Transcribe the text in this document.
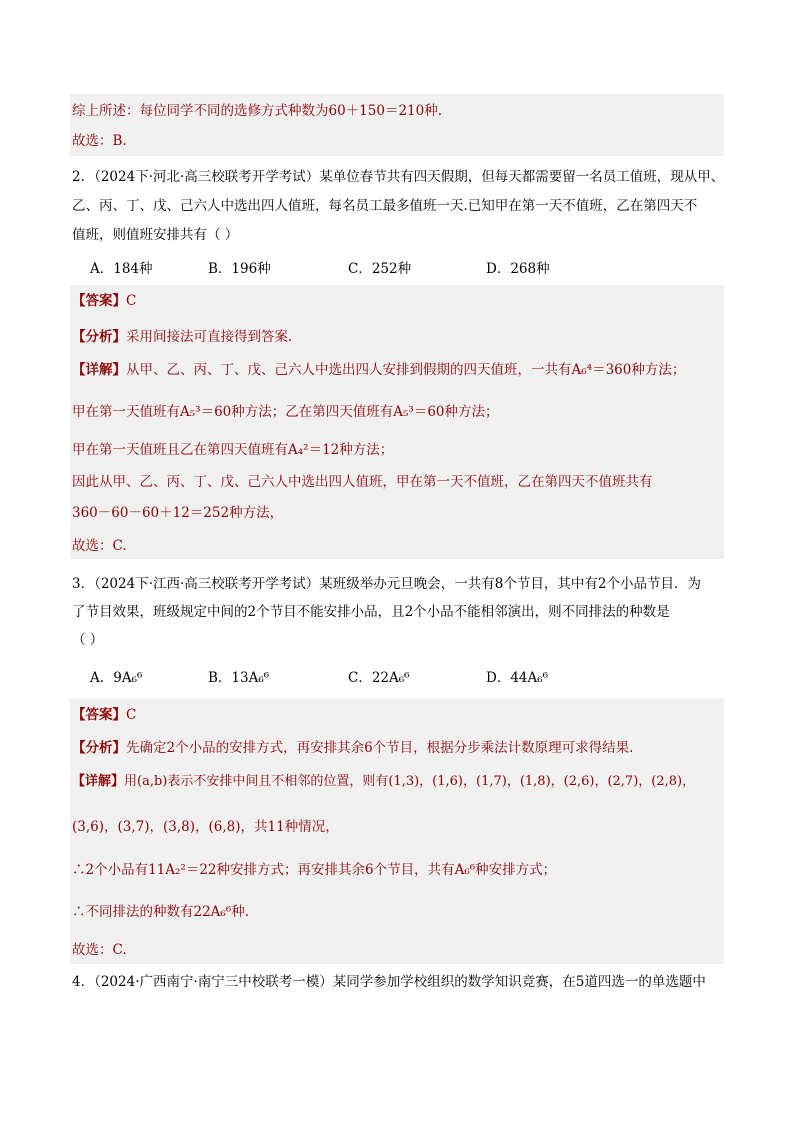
综上所述：每位同学不同的选修方式种数为60＋150＝210种.
故选：B.
2．（2024下·河北·高三校联考开学考试）某单位春节共有四天假期，但每天都需要留一名员工值班，现从甲、
乙、丙、丁、戊、己六人中选出四人值班，每名员工最多值班一天.已知甲在第一天不值班，乙在第四天不
值班，则值班安排共有（ ）
A．184种	B．196种	C．252种	D．268种
【答案】C
【分析】采用间接法可直接得到答案.
【详解】从甲、乙、丙、丁、戊、己六人中选出四人安排到假期的四天值班，一共有A₆⁴＝360种方法；
甲在第一天值班有A₅³＝60种方法；乙在第四天值班有A₅³＝60种方法；
甲在第一天值班且乙在第四天值班有A₄²＝12种方法；
因此从甲、乙、丙、丁、戊、己六人中选出四人值班，甲在第一天不值班，乙在第四天不值班共有
360－60－60＋12＝252种方法，
故选：C.
3．（2024下·江西·高三校联考开学考试）某班级举办元旦晚会，一共有8个节目，其中有2个小品节目．为
了节目效果，班级规定中间的2个节目不能安排小品，且2个小品不能相邻演出，则不同排法的种数是
（ ）
A．9A₆⁶	B．13A₆⁶	C．22A₆⁶	D．44A₆⁶
【答案】C
【分析】先确定2个小品的安排方式，再安排其余6个节目，根据分步乘法计数原理可求得结果.
【详解】用(a,b)表示不安排中间且不相邻的位置，则有(1,3)，(1,6)，(1,7)，(1,8)，(2,6)，(2,7)，(2,8)，
(3,6)，(3,7)，(3,8)，(6,8)，共11种情况，
∴2个小品有11A₂²＝22种安排方式；再安排其余6个节目，共有A₆⁶种安排方式；
∴不同排法的种数有22A₆⁶种.
故选：C.
4．（2024·广西南宁·南宁三中校联考一模）某同学参加学校组织的数学知识竞赛，在5道四选一的单选题中
